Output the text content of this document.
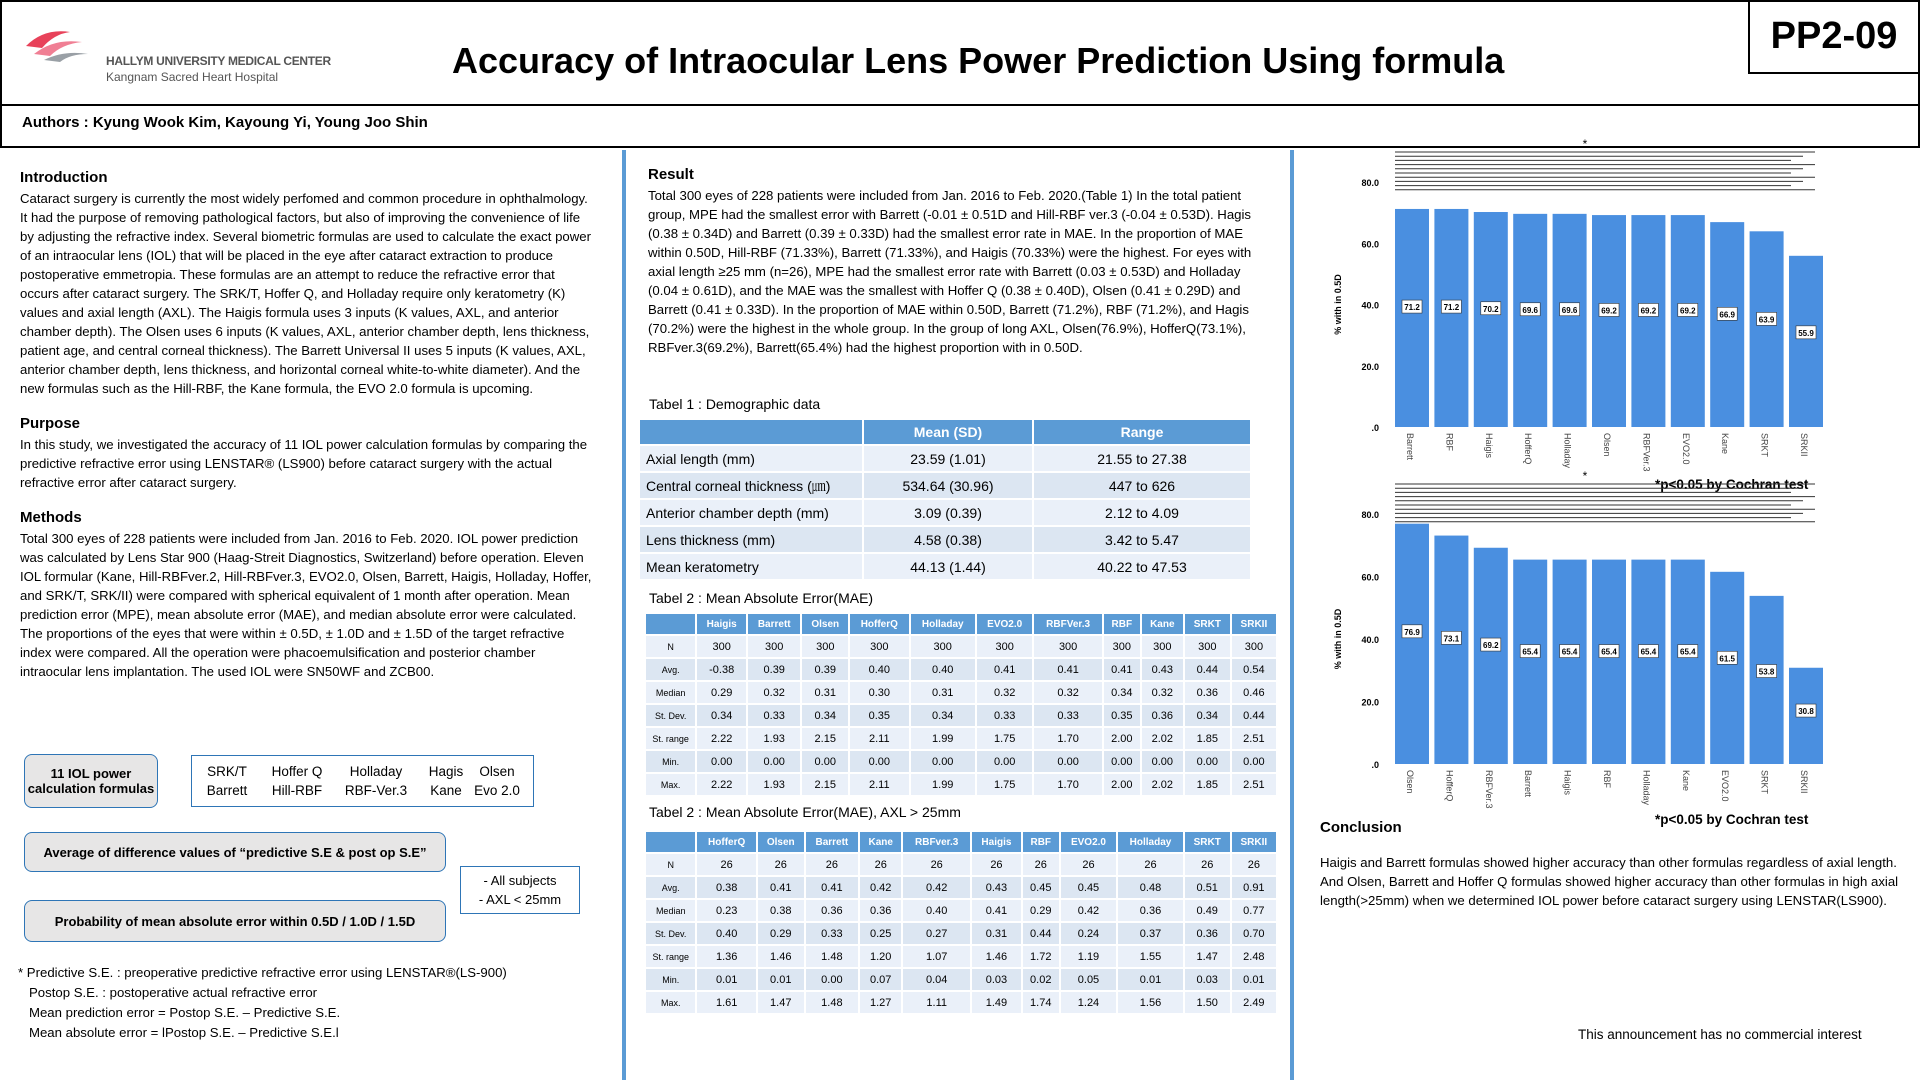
HALLYM UNIVERSITY MEDICAL CENTER
Kangnam Sacred Heart Hospital	Accuracy of Intraocular Lens Power Prediction Using formula
PP2-09
Authors : Kyung Wook Kim, Kayoung Yi, Young Joo Shin
Introduction
Cataract surgery is currently the most widely perfomed and common procedure in ophthalmology. It had the purpose of removing pathological factors, but also of improving the convenience of life by adjusting the refractive index. Several biometric formulas are used to calculate the exact power of an intraocular lens (IOL) that will be placed in the eye after cataract extraction to produce postoperative emmetropia. These formulas are an attempt to reduce the refractive error that occurs after cataract surgery. The SRK/T, Hoffer Q, and Holladay require only keratometry (K) values and axial length (AXL). The Haigis formula uses 3 inputs (K values, AXL, and anterior chamber depth). The Olsen uses 6 inputs (K values, AXL, anterior chamber depth, lens thickness, patient age, and central corneal thickness). The Barrett Universal II uses 5 inputs (K values, AXL, anterior chamber depth, lens thickness, and horizontal corneal white-to-white diameter). And the new formulas such as the Hill-RBF, the Kane formula, the EVO 2.0 formula is upcoming.
Purpose
In this study, we investigated the accuracy of 11 IOL power calculation formulas by comparing the predictive refractive error using LENSTAR® (LS900) before cataract surgery with the actual refractive error after cataract surgery.
Methods
Total 300 eyes of 228 patients were included from Jan. 2016 to Feb. 2020. IOL power prediction was calculated by Lens Star 900 (Haag-Streit Diagnostics, Switzerland) before operation. Eleven IOL formular (Kane, Hill-RBFver.2, Hill-RBFver.3, EVO2.0, Olsen, Barrett, Haigis, Holladay, Hoffer, and SRK/T, SRK/II) were compared with spherical equivalent of 1 month after operation. Mean prediction error (MPE), mean absolute error (MAE), and median absolute error were calculated. The proportions of the eyes that were within ± 0.5D, ± 1.0D and ± 1.5D of the target refractive index were compared. All the operation were phacoemulsification and posterior chamber intraocular lens implantation. The used IOL were SN50WF and ZCB00.
11 IOL power calculation formulas
SRK/T	Hoffer Q	Holladay	Hagis	Olsen
Barrett	Hill-RBF	RBF-Ver.3	Kane Evo 2.0
Average of difference values of “predictive S.E & post op S.E”
Probability of mean absolute error within 0.5D / 1.0D / 1.5D
- All subjects
- AXL < 25mm
* Predictive S.E. : preoperative predictive refractive error using LENSTAR®(LS-900)
Postop S.E. : postoperative actual refractive error
Mean prediction error = Postop S.E. – Predictive S.E.
Mean absolute error = lPostop S.E. – Predictive S.E.l
Result
Total 300 eyes of 228 patients were included from Jan. 2016 to Feb. 2020.(Table 1) In the total patient group, MPE had the smallest error with Barrett (-0.01 ± 0.51D and Hill-RBF ver.3 (-0.04 ± 0.53D). Hagis (0.38 ± 0.34D) and Barrett (0.39 ± 0.33D) had the smallest error rate in MAE. In the proportion of MAE within 0.50D, Hill-RBF (71.33%), Barrett (71.33%), and Haigis (70.33%) were the highest. For eyes with axial length ≥25 mm (n=26), MPE had the smallest error rate with Barrett (0.03 ± 0.53D) and Holladay (0.04 ± 0.61D), and the MAE was the smallest with Hoffer Q (0.38 ± 0.40D), Olsen (0.41 ± 0.29D) and Barrett (0.41 ± 0.33D). In the proportion of MAE within 0.50D, Barrett (71.2%), RBF (71.2%), and Hagis (70.2%) were the highest in the whole group. In the group of long AXL, Olsen(76.9%), HofferQ(73.1%), RBFver.3(69.2%), Barrett(65.4%) had the highest proportion with in 0.50D.
Tabel 1 : Demographic data
	Mean (SD)	Range
Axial length (mm)	23.59 (1.01)	21.55 to 27.38
Central corneal thickness (㎛)	534.64 (30.96)	447 to 626
Anterior chamber depth (mm)	3.09 (0.39)	2.12 to 4.09
Lens thickness (mm)	4.58 (0.38)	3.42 to 5.47
Mean keratometry	44.13 (1.44)	40.22 to 47.53
Tabel 2 : Mean Absolute Error(MAE)
	Haigis	Barrett	Olsen	HofferQ	Holladay	EVO2.0	RBFVer.3	RBF	Kane	SRKT	SRKII
N	300	300	300	300	300	300	300	300	300	300	300
Avg.	-0.38	0.39	0.39	0.40	0.40	0.41	0.41	0.41	0.43	0.44	0.54
Median	0.29	0.32	0.31	0.30	0.31	0.32	0.32	0.34	0.32	0.36	0.46
St. Dev.	0.34	0.33	0.34	0.35	0.34	0.33	0.33	0.35	0.36	0.34	0.44
St. range	2.22	1.93	2.15	2.11	1.99	1.75	1.70	2.00	2.02	1.85	2.51
Min.	0.00	0.00	0.00	0.00	0.00	0.00	0.00	0.00	0.00	0.00	0.00
Max.	2.22	1.93	2.15	2.11	1.99	1.75	1.70	2.00	2.02	1.85	2.51
Tabel 2 : Mean Absolute Error(MAE), AXL > 25mm
	HofferQ	Olsen	Barrett	Kane	RBFver.3	Haigis	RBF	EVO2.0	Holladay	SRKT	SRKII
N	26	26	26	26	26	26	26	26	26	26	26
Avg.	0.38	0.41	0.41	0.42	0.42	0.43	0.45	0.45	0.48	0.51	0.91
Median	0.23	0.38	0.36	0.36	0.40	0.41	0.29	0.42	0.36	0.49	0.77
St. Dev.	0.40	0.29	0.33	0.25	0.27	0.31	0.44	0.24	0.37	0.36	0.70
St. range	1.36	1.46	1.48	1.20	1.07	1.46	1.72	1.19	1.55	1.47	2.48
Min.	0.01	0.01	0.00	0.07	0.04	0.03	0.02	0.05	0.01	0.03	0.01
Max.	1.61	1.47	1.48	1.27	1.11	1.49	1.74	1.24	1.56	1.50	2.49
80.0
60.0
40.0
20.0
.0
% with in 0.5D
*
71.2
Barrett
71.2
RBF
70.2
Haigis
69.6
HofferQ
69.6
Holladay
69.2
Olsen
69.2
RBFVer.3
69.2
EVO2.0
66.9
Kane
63.9
SRKT
55.9
SRKII
*p<0.05 by Cochran test
80.0
60.0
40.0
20.0
.0
% with in 0.5D
*
76.9
Olsen
73.1
HofferQ
69.2
RBFVer.3
65.4
Barrett
65.4
Haigis
65.4
RBF
65.4
Holladay
65.4
Kane
61.5
EVO2.0
53.8
SRKT
30.8
SRKII
*p<0.05 by Cochran test
Conclusion
Haigis and Barrett formulas showed higher accuracy than other formulas regardless of axial length. And Olsen, Barrett and Hoffer Q formulas showed higher accuracy than other formulas in high axial length(>25mm) when we determined IOL power before cataract surgery using LENSTAR(LS900).
This announcement has no commercial interest
